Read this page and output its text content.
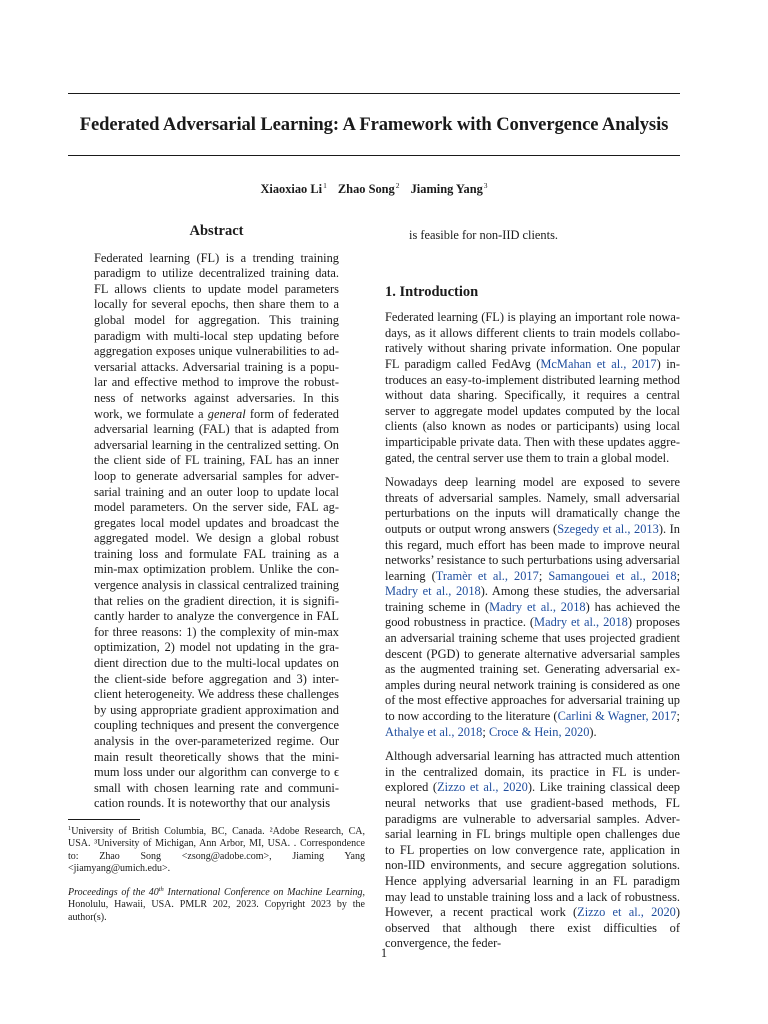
Federated Adversarial Learning: A Framework with Convergence Analysis
Xiaoxiao Li$^1$ Zhao Song$^2$ Jiaming Yang$^3$
Abstract

Federated learning (FL) is a trending training paradigm to utilize decentralized training data. FL allows clients to update model parameters locally for several epochs, then share them to a global model for aggregation. This training paradigm with multi-local step updating before aggregation exposes unique vulnerabilities to adversarial attacks. Adversarial training is a popular and effective method to improve the robustness of networks against adversaries. In this work, we formulate a general form of federated adversarial learning (FAL) that is adapted from adversarial learning in the centralized setting. On the client side of FL training, FAL has an inner loop to generate adversarial samples for adversarial training and an outer loop to update local model parameters. On the server side, FAL aggregates local model updates and broadcast the aggregated model. We design a global robust training loss and formulate FAL training as a min-max optimization problem. Unlike the convergence analysis in classical centralized training that relies on the gradient direction, it is significantly harder to analyze the convergence in FAL for three reasons: 1) the complexity of min-max optimization, 2) model not updating in the gradient direction due to the multi-local updates on the client-side before aggregation and 3) inter-client heterogeneity. We address these challenges by using appropriate gradient approximation and coupling techniques and present the convergence analysis in the over-parameterized regime. Our main result theoretically shows that the minimum loss under our algorithm can converge to ϵ small with chosen learning rate and communication rounds. It is noteworthy that our analysis

is feasible for non-IID clients.
1. Introduction

Federated learning (FL) is playing an important role nowadays, as it allows different clients to train models collaboratively without sharing private information. One popular FL paradigm called FedAvg (McMahan et al., 2017) introduces an easy-to-implement distributed learning method without data sharing. Specifically, it requires a central server to aggregate model updates computed by the local clients (also known as nodes or participants) using local imparticipable private data. Then with these updates aggregated, the central server use them to train a global model.

Nowadays deep learning model are exposed to severe threats of adversarial samples. Namely, small adversarial perturbations on the inputs will dramatically change the outputs or output wrong answers (Szegedy et al., 2013). In this regard, much effort has been made to improve neural networks’ resistance to such perturbations using adversarial learning (Tramèr et al., 2017; Samangouei et al., 2018; Madry et al., 2018). Among these studies, the adversarial training scheme in (Madry et al., 2018) has achieved the good robustness in practice. (Madry et al., 2018) proposes an adversarial training scheme that uses projected gradient descent (PGD) to generate alternative adversarial samples as the augmented training set. Generating adversarial examples during neural network training is considered as one of the most effective approaches for adversarial training up to now according to the literature (Carlini & Wagner, 2017; Athalye et al., 2018; Croce & Hein, 2020).

Although adversarial learning has attracted much attention in the centralized domain, its practice in FL is under-explored (Zizzo et al., 2020). Like training classical deep neural networks that use gradient-based methods, FL paradigms are vulnerable to adversarial samples. Adversarial learning in FL brings multiple open challenges due to FL properties on low convergence rate, application in non-IID environments, and secure aggregation solutions. Hence applying adversarial learning in an FL paradigm may lead to unstable training loss and a lack of robustness. However, a recent practical work (Zizzo et al., 2020) observed that although there exist difficulties of convergence, the feder-

$^1$University of British Columbia, BC, Canada. ²Adobe Research, CA, USA. ³University of Michigan, Ann Arbor, MI, USA. . Correspondence to: Zhao Song <zsong@adobe.com>, Jiaming Yang <jiamyang@umich.edu>.
Proceedings of the 40th International Conference on Machine Learning, Honolulu, Hawaii, USA. PMLR 202, 2023. Copyright 2023 by the author(s).
1
